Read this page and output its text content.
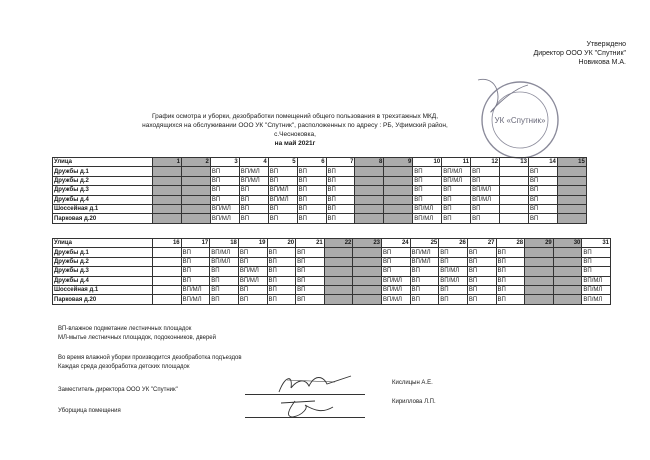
Утверждено
Директор ООО УК "Спутник"
Новикова М.А.
УК «Спутник»
График осмотра и уборки, дезобработки помещений общего пользования в трехэтажных МКД,
находящихся на обслуживании ООО УК "Спутник", расположенных по адресу : РБ, Уфимский район,
с.Чесноковка,
на май 2021г
Улица	1	2	3	4	5	6	7	8	9	10	11	12	13	14	15
Дружбы д.1			ВП	ВП/МЛ	ВП	ВП	ВП			ВП	ВП/МЛ	ВП		ВП	
Дружбы д.2			ВП	ВП/МЛ	ВП	ВП	ВП			ВП	ВП/МЛ	ВП		ВП	
Дружбы д.3			ВП	ВП	ВП/МЛ	ВП	ВП			ВП	ВП	ВП/МЛ		ВП	
Дружбы д.4			ВП	ВП	ВП/МЛ	ВП	ВП			ВП	ВП	ВП/МЛ		ВП	
Шоссейная д.1			ВП/МЛ	ВП	ВП	ВП	ВП			ВП/МЛ	ВП	ВП		ВП	
Парковая д.20			ВП/МЛ	ВП	ВП	ВП	ВП			ВП/МЛ	ВП	ВП		ВП	
Улица	16	17	18	19	20	21	22	23	24	25	26	27	28	29	30	31
Дружбы д.1		ВП	ВП/МЛ	ВП	ВП	ВП			ВП	ВП/МЛ	ВП	ВП	ВП			ВП
Дружбы д.2		ВП	ВП/МЛ	ВП	ВП	ВП			ВП	ВП/МЛ	ВП	ВП	ВП			ВП
Дружбы д.3		ВП	ВП	ВП/МЛ	ВП	ВП			ВП	ВП	ВП/МЛ	ВП	ВП			ВП
Дружбы д.4		ВП	ВП	ВП/МЛ	ВП	ВП			ВП/МЛ	ВП	ВП/МЛ	ВП	ВП			ВП/МЛ
Шоссейная д.1		ВП/МЛ	ВП	ВП	ВП	ВП			ВП/МЛ	ВП	ВП	ВП	ВП			ВП/МЛ
Парковая д.20		ВП/МЛ	ВП	ВП	ВП	ВП			ВП/МЛ	ВП	ВП	ВП	ВП			ВП/МЛ
ВП-влажное подметание лестничных площадок
МЛ-мытье лестничных площадок, подоконников, дверей
Во время влажной уборки производится дезобработка подъездов
Каждая среда дезобработка детских площадок
Заместитель директора ООО УК "Спутник"
Кислицын А.Е.
Уборщица помещения
Кириллова Л.П.
